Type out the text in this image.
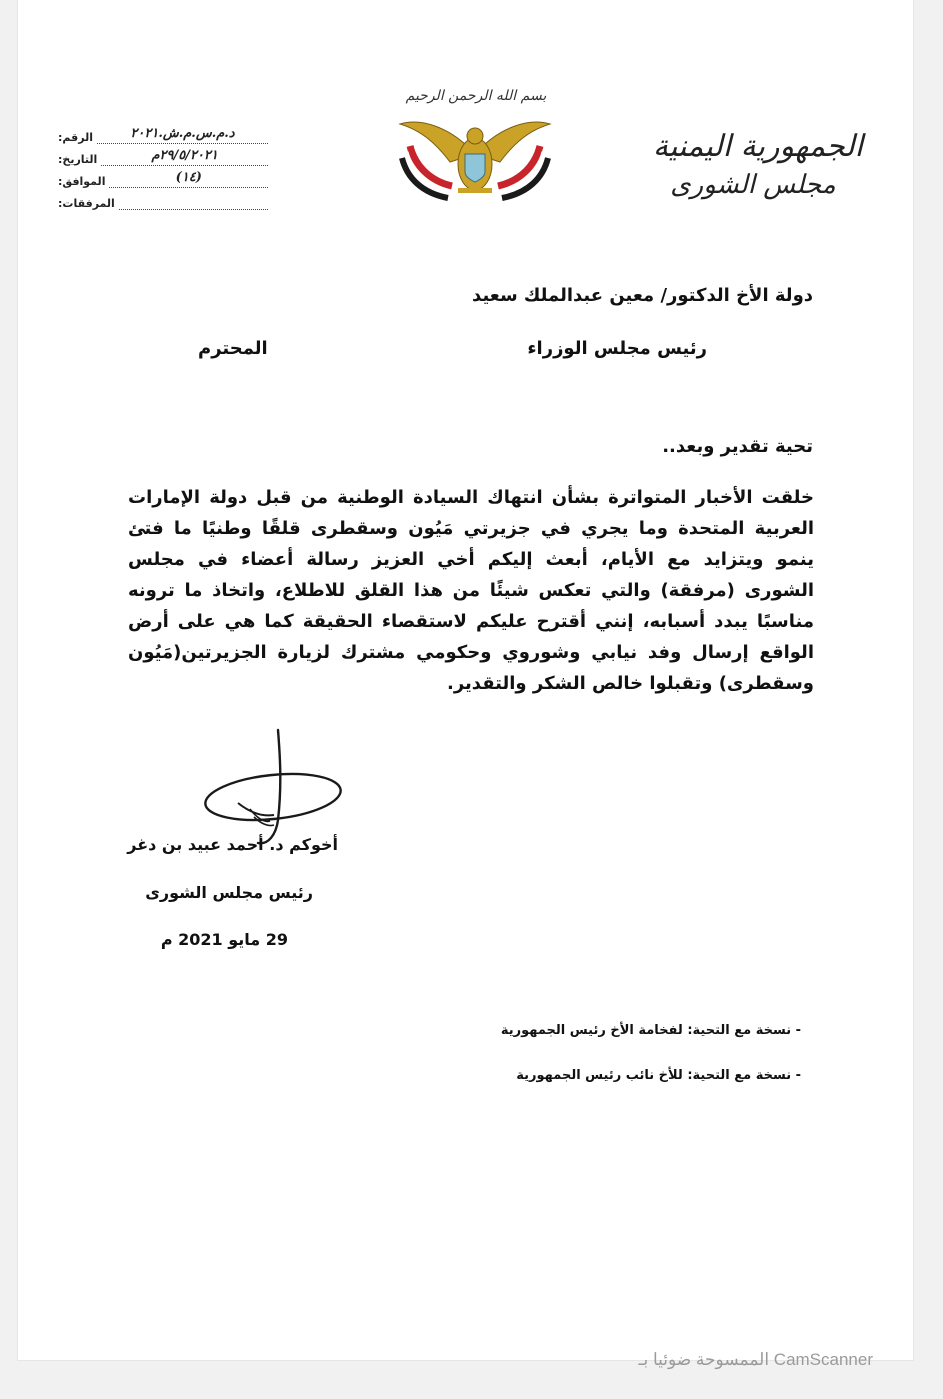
الجمهورية اليمنية
مجلس الشورى
بسم الله الرحمن الرحيم
الرقم:	د.م.س.م.ش.٢٠٢١
التاريخ:	٢٩/٥/٢٠٢١م
الموافق:	(١٤)
المرفقات:
دولة الأخ الدكتور/ معين عبدالملك سعيد
رئيس مجلس الوزراء
المحترم
تحية تقدير وبعد..
خلقت الأخبار المتواترة بشأن انتهاك السيادة الوطنية من قبل دولة الإمارات العربية المتحدة وما يجري في جزيرتي مَيُون وسقطرى قلقًا وطنيًا ما فتئ ينمو ويتزايد مع الأيام، أبعث إليكم أخي العزيز رسالة أعضاء في مجلس الشورى (مرفقة) والتي تعكس شيئًا من هذا القلق للاطلاع، واتخاذ ما ترونه مناسبًا يبدد أسبابه، إنني أقترح عليكم لاستقصاء الحقيقة كما هي على أرض الواقع إرسال وفد نيابي وشوروي وحكومي مشترك لزيارة الجزيرتين(مَيُون وسقطرى) وتقبلوا خالص الشكر والتقدير.
أخوكم د. أحمد عبيد بن دغر
رئيس مجلس الشورى
29 مايو 2021 م
- نسخة مع التحية: لفخامة الأخ رئيس الجمهورية
- نسخة مع التحية: للأخ نائب رئيس الجمهورية
الممسوحة ضوئيا بـ CamScanner
